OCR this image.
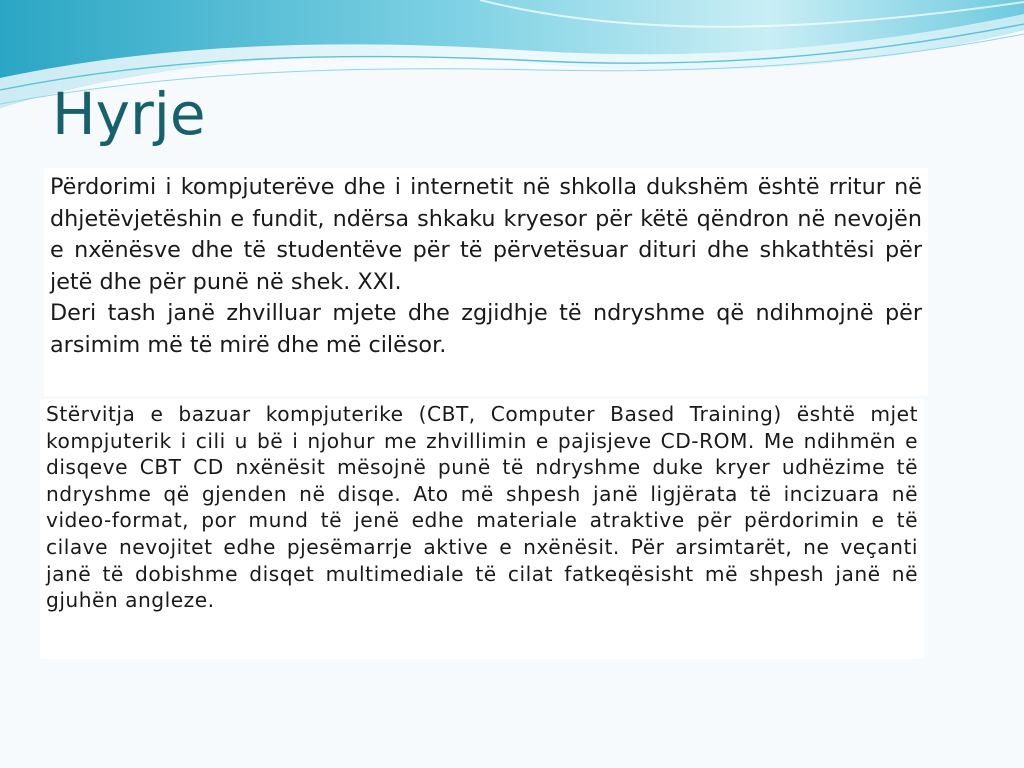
Hyrje

Përdorimi i kompjuterëve dhe i internetit në shkolla dukshëm është rritur në dhjetëvjetëshin e fundit, ndërsa shkaku kryesor për këtë qëndron në nevojën e nxënësve dhe të studentëve për të përvetësuar dituri dhe shkathtësi për jetë dhe për punë në shek. XXI.

Deri tash janë zhvilluar mjete dhe zgjidhje të ndryshme që ndihmojnë për arsimim më të mirë dhe më cilësor.

Stërvitja e bazuar kompjuterike (CBT, Computer Based Training) është mjet kompjuterik i cili u bë i njohur me zhvillimin e pajisjeve CD-ROM. Me ndihmën e disqeve CBT CD nxënësit mësojnë punë të ndryshme duke kryer udhëzime të ndryshme që gjenden në disqe. Ato më shpesh janë ligjërata të incizuara në video-format, por mund të jenë edhe materiale atraktive për përdorimin e të cilave nevojitet edhe pjesëmarrje aktive e nxënësit. Për arsimtarët, ne veçanti janë të dobishme disqet multimediale të cilat fatkeqësisht më shpesh janë në gjuhën angleze.
